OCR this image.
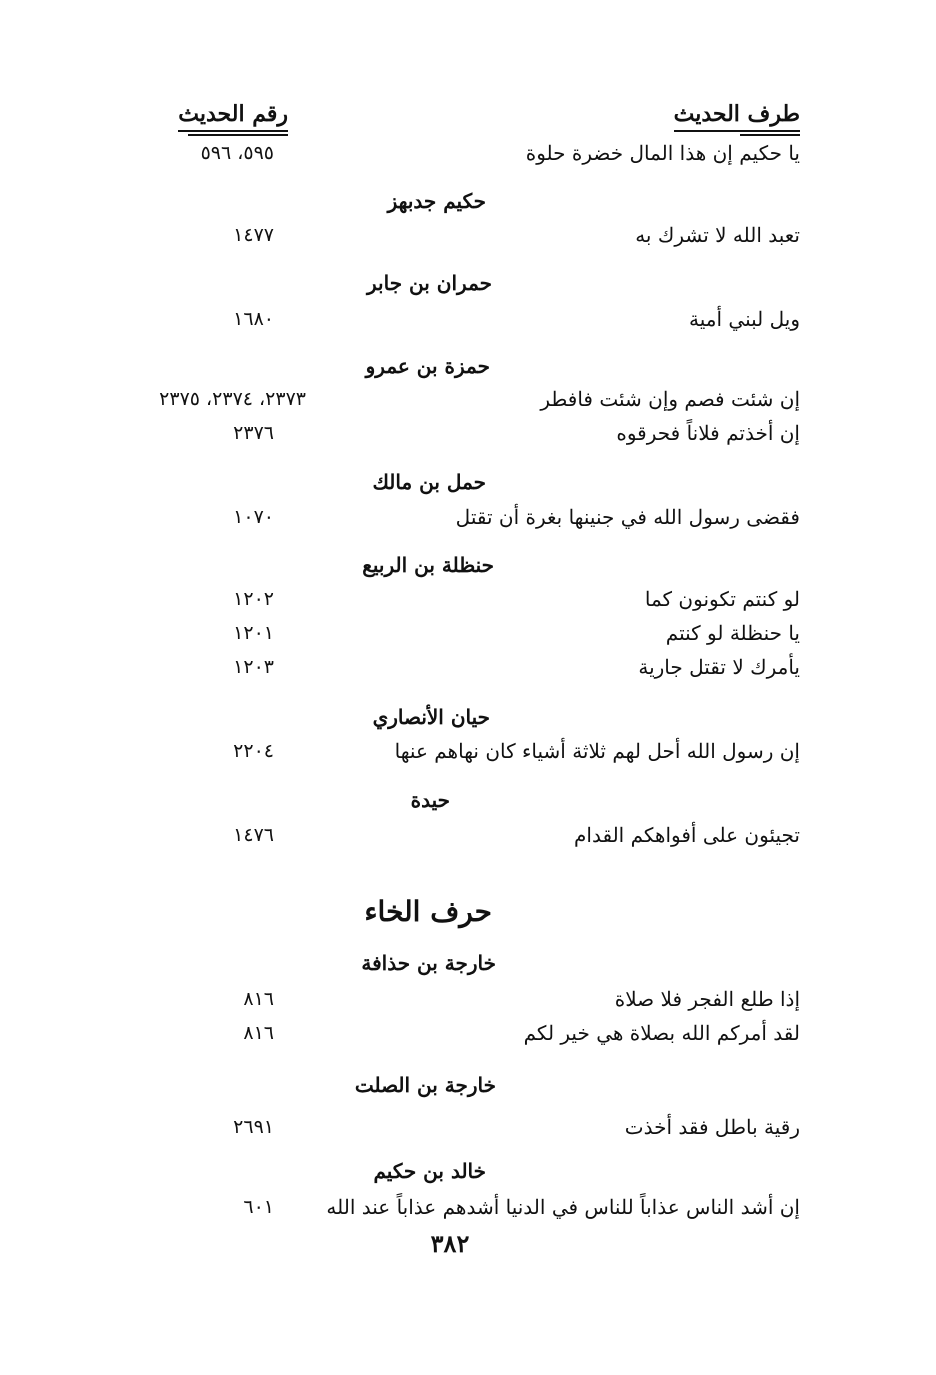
طرف الحديث
رقم الحديث
يا حكيم إن هذا المال خضرة حلوة
٥٩٥، ٥٩٦
حكيم جدبهز
تعبد الله لا تشرك به
١٤٧٧
حمران بن جابر
ويل لبني أمية
١٦٨٠
حمزة بن عمرو
إن شئت فصم وإن شئت فافطر
٢٣٧٣، ٢٣٧٤، ٢٣٧٥
إن أخذتم فلاناً فحرقوه
٢٣٧٦
حمل بن مالك
فقضى رسول الله في جنينها بغرة أن تقتل
١٠٧٠
حنظلة بن الربيع
لو كنتم تكونون كما
١٢٠٢
يا حنظلة لو كنتم
١٢٠١
يأمرك لا تقتل جارية
١٢٠٣
حيان الأنصاري
إن رسول الله أحل لهم ثلاثة أشياء كان نهاهم عنها
٢٢٠٤
حيدة
تجيئون على أفواهكم القدام
١٤٧٦
حرف الخاء
خارجة بن حذافة
إذا طلع الفجر فلا صلاة
٨١٦
لقد أمركم الله بصلاة هي خير لكم
٨١٦
خارجة بن الصلت
رقية باطل فقد أخذت
٢٦٩١
خالد بن حكيم
إن أشد الناس عذاباً للناس في الدنيا أشدهم عذاباً عند الله
٦٠١
٣٨٢
